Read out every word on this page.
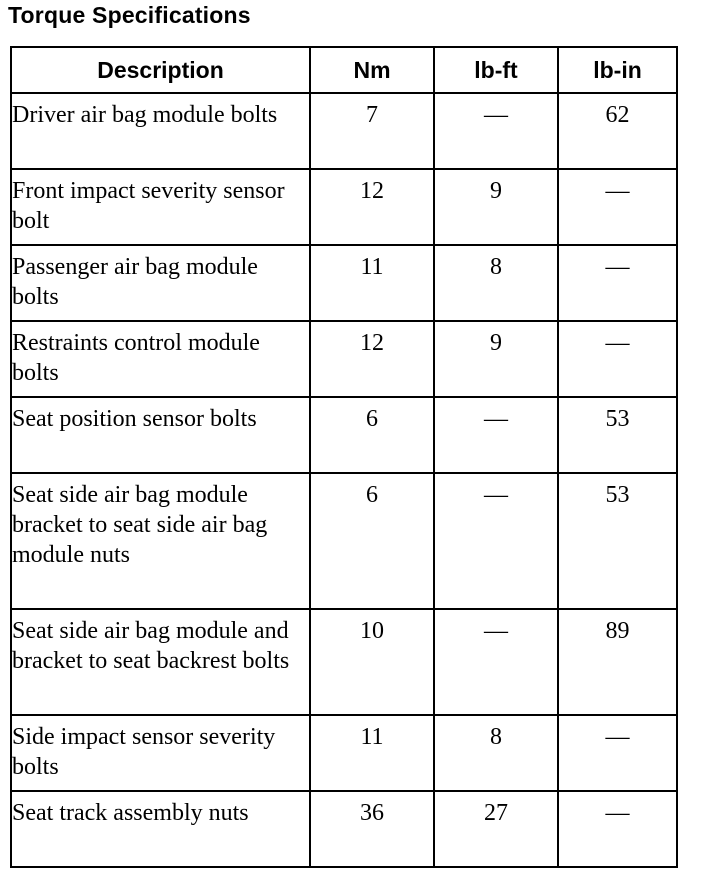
Torque Specifications
Description	Nm	lb-ft	lb-in
Driver air bag module bolts	7	—	62
Front impact severity sensor bolt	12	9	—
Passenger air bag module bolts	11	8	—
Restraints control module bolts	12	9	—
Seat position sensor bolts	6	—	53
Seat side air bag module bracket to seat side air bag module nuts	6	—	53
Seat side air bag module and bracket to seat backrest bolts	10	—	89
Side impact sensor severity bolts	11	8	—
Seat track assembly nuts	36	27	—
